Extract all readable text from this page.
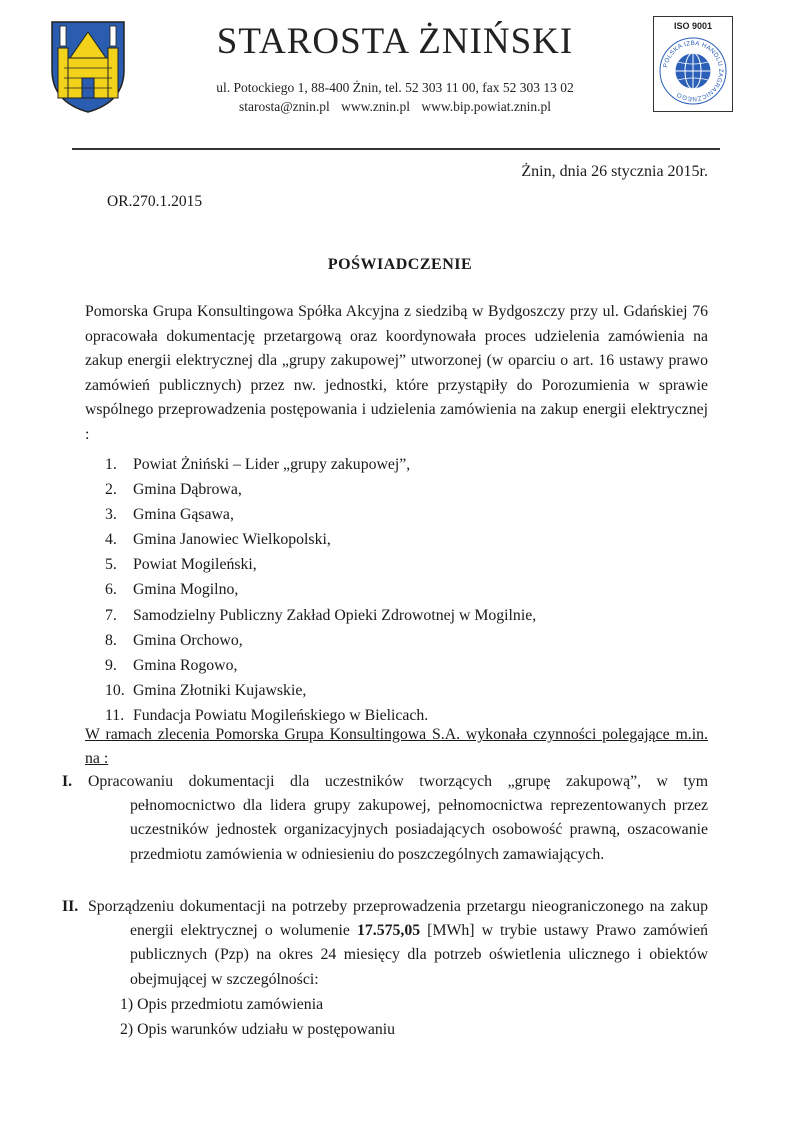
STAROSTA ŻNIŃSKI
ul. Potockiego 1, 88-400 Żnin, tel. 52 303 11 00, fax 52 303 13 02
starosta@znin.pl www.znin.pl www.bip.powiat.znin.pl
ISO 9001
POLSKA IZBA HANDLU ZAGRANICZNEGO
Żnin, dnia 26 stycznia 2015r.
OR.270.1.2015
POŚWIADCZENIE
Pomorska Grupa Konsultingowa Spółka Akcyjna z siedzibą w Bydgoszczy przy ul. Gdańskiej 76 opracowała dokumentację przetargową oraz koordynowała proces udzielenia zamówienia na zakup energii elektrycznej dla „grupy zakupowej” utworzonej (w oparciu o art. 16 ustawy prawo zamówień publicznych) przez nw. jednostki, które przystąpiły do Porozumienia w sprawie wspólnego przeprowadzenia postępowania i udzielenia zamówienia na zakup energii elektrycznej :
1. Powiat Żniński – Lider „grupy zakupowej”,
2. Gmina Dąbrowa,
3. Gmina Gąsawa,
4. Gmina Janowiec Wielkopolski,
5. Powiat Mogileński,
6. Gmina Mogilno,
7. Samodzielny Publiczny Zakład Opieki Zdrowotnej w Mogilnie,
8. Gmina Orchowo,
9. Gmina Rogowo,
10. Gmina Złotniki Kujawskie,
11. Fundacja Powiatu Mogileńskiego w Bielicach.
W ramach zlecenia Pomorska Grupa Konsultingowa S.A. wykonała czynności polegające m.in. na :
I. Opracowaniu dokumentacji dla uczestników tworzących „grupę zakupową”, w tym pełnomocnictwo dla lidera grupy zakupowej, pełnomocnictwa reprezentowanych przez uczestników jednostek organizacyjnych posiadających osobowość prawną, oszacowanie przedmiotu zamówienia w odniesieniu do poszczególnych zamawiających.
II. Sporządzeniu dokumentacji na potrzeby przeprowadzenia przetargu nieograniczonego na zakup energii elektrycznej o wolumenie 17.575,05 [MWh] w trybie ustawy Prawo zamówień publicznych (Pzp) na okres 24 miesięcy dla potrzeb oświetlenia ulicznego i obiektów obejmującej w szczególności:
1) Opis przedmiotu zamówienia
2) Opis warunków udziału w postępowaniu
